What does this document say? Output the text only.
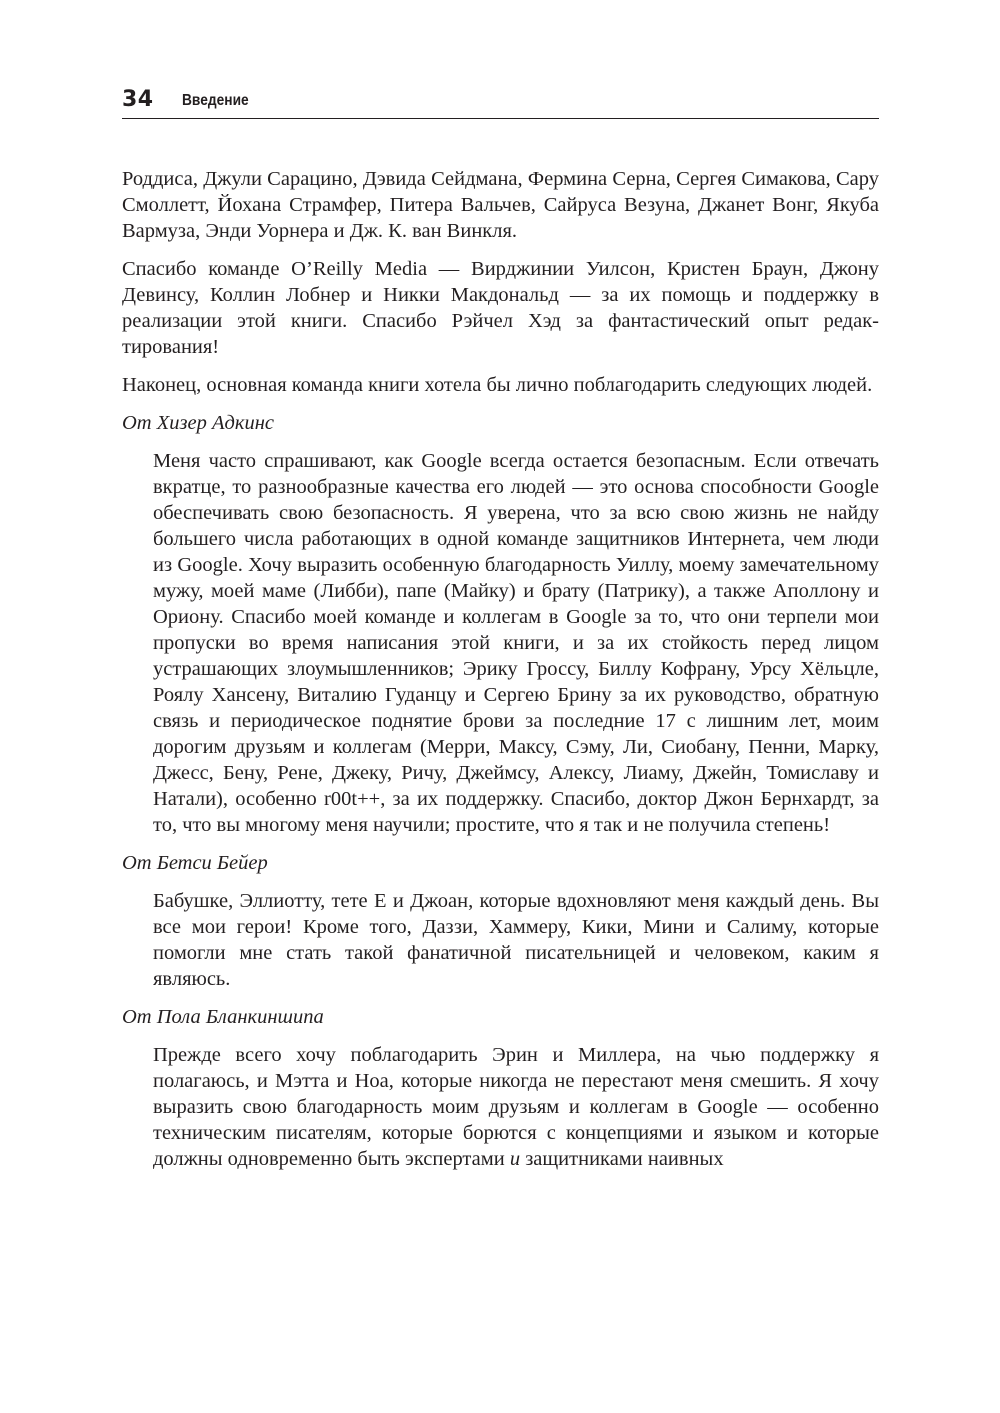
34 Введение

Роддиса, Джули Сарацино, Дэвида Сейдмана, Фермина Серна, Сергея Симакова, Сару Смоллетт, Йохана Страмфер, Питера Вальчев, Сайруса Везуна, Джанет Вонг, Якуба Вармуза, Энди Уорнера и Дж. К. ван Винкля.

Спасибо команде O’Reilly Media — Вирджинии Уилсон, Кристен Браун, Джону Девинсу, Коллин Лобнер и Никки Макдональд — за их помощь и поддержку в реализации этой книги. Спасибо Рэйчел Хэд за фантастический опыт редактирования!

Наконец, основная команда книги хотела бы лично поблагодарить следующих людей.

От Хизер Адкинс

Меня часто спрашивают, как Google всегда остается безопасным. Если отвечать вкратце, то разнообразные качества его людей — это основа способности Google обеспечивать свою безопасность. Я уверена, что за всю свою жизнь не найду большего числа работающих в одной команде защитников Интернета, чем люди из Google. Хочу выразить особенную благодарность Уиллу, моему замечательному мужу, моей маме (Либби), папе (Майку) и брату (Патрику), а также Аполлону и Ориону. Спасибо моей команде и коллегам в Google за то, что они терпели мои пропуски во время написания этой книги, и за их стойкость перед лицом устрашающих злоумышленников; Эрику Гроссу, Биллу Кофрану, Урсу Хёльцле, Роялу Хансену, Виталию Гуданцу и Сергею Брину за их руководство, обратную связь и периодическое поднятие брови за последние 17 с лишним лет, моим дорогим друзьям и коллегам (Мерри, Максу, Сэму, Ли, Сиобану, Пенни, Марку, Джесс, Бену, Рене, Джеку, Ричу, Джеймсу, Алексу, Лиаму, Джейн, Томиславу и Натали), особенно r00t++, за их поддержку. Спасибо, доктор Джон Бернхардт, за то, что вы многому меня научили; простите, что я так и не получила степень!

От Бетси Бейер

Бабушке, Эллиотту, тете E и Джоан, которые вдохновляют меня каждый день. Вы все мои герои! Кроме того, Даззи, Хаммеру, Кики, Мини и Салиму, которые помогли мне стать такой фанатичной писательницей и человеком, каким я являюсь.

От Пола Бланкиншипа

Прежде всего хочу поблагодарить Эрин и Миллера, на чью поддержку я полагаюсь, и Мэтта и Ноа, которые никогда не перестают меня смешить. Я хочу выразить свою благодарность моим друзьям и коллегам в Google — особенно техническим писателям, которые борются с концепциями и языком и которые должны одновременно быть экспертами и защитниками наивных
